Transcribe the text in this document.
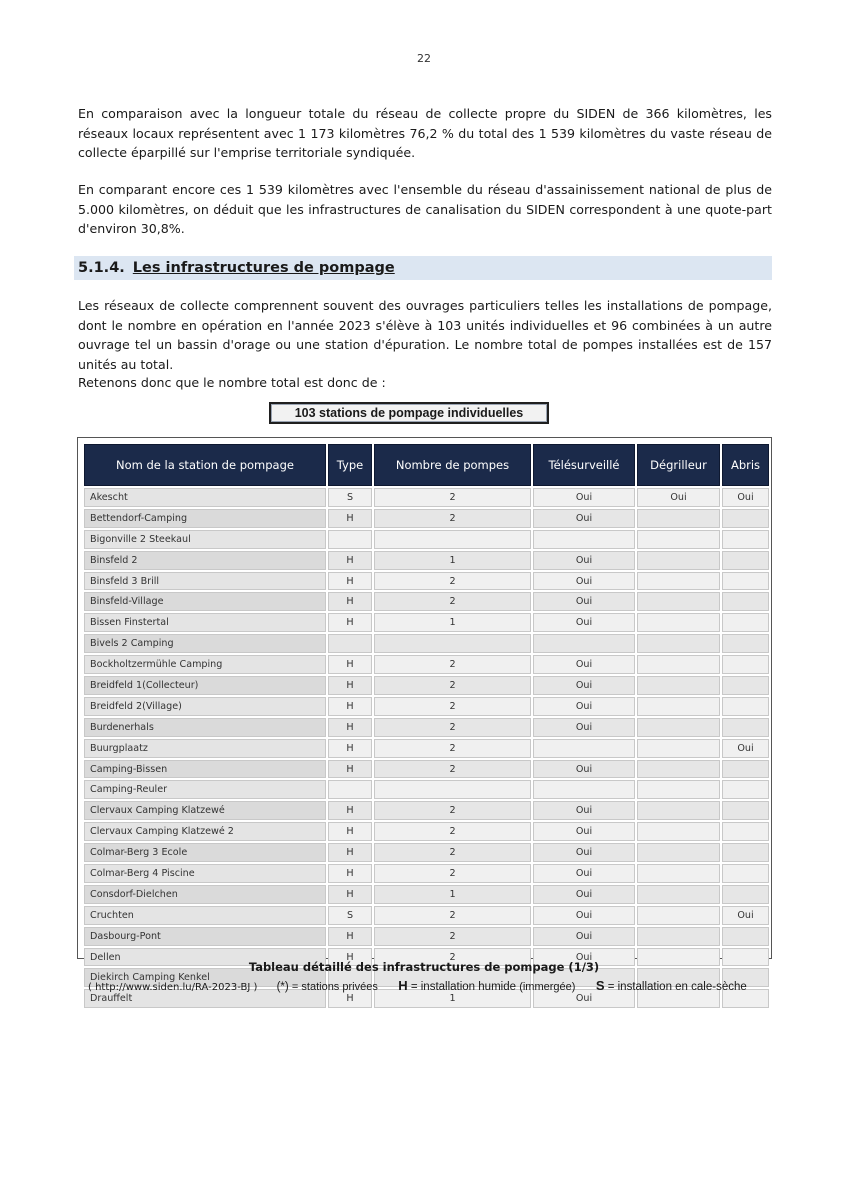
22

En comparaison avec la longueur totale du réseau de collecte propre du SIDEN de 366 kilomètres, les réseaux locaux représentent avec 1 173 kilomètres 76,2 % du total des 1 539 kilomètres du vaste réseau de collecte éparpillé sur l'emprise territoriale syndiquée.

En comparant encore ces 1 539 kilomètres avec l'ensemble du réseau d'assainissement national de plus de 5.000 kilomètres, on déduit que les infrastructures de canalisation du SIDEN correspondent à une quote-part d'environ 30,8%.

5.1.4. Les infrastructures de pompage

Les réseaux de collecte comprennent souvent des ouvrages particuliers telles les installations de pompage, dont le nombre en opération en l'année 2023 s'élève à 103 unités individuelles et 96 combinées à un autre ouvrage tel un bassin d'orage ou une station d'épuration. Le nombre total de pompes installées est de 157 unités au total.

Retenons donc que le nombre total est donc de :

103 stations de pompage individuelles
Nom de la station de pompage	Type	Nombre de pompes	Télésurveillé	Dégrilleur	Abris
Akescht	S	2	Oui	Oui	Oui
Bettendorf-Camping	H	2	Oui		
Bigonville 2 Steekaul					
Binsfeld 2	H	1	Oui		
Binsfeld 3 Brill	H	2	Oui		
Binsfeld-Village	H	2	Oui		
Bissen Finstertal	H	1	Oui		
Bivels 2 Camping					
Bockholtzermühle Camping	H	2	Oui		
Breidfeld 1(Collecteur)	H	2	Oui		
Breidfeld 2(Village)	H	2	Oui		
Burdenerhals	H	2	Oui		
Buurgplaatz	H	2			Oui
Camping-Bissen	H	2	Oui		
Camping-Reuler					
Clervaux Camping Klatzewé	H	2	Oui		
Clervaux Camping Klatzewé 2	H	2	Oui		
Colmar-Berg 3 Ecole	H	2	Oui		
Colmar-Berg 4 Piscine	H	2	Oui		
Consdorf-Dielchen	H	1	Oui		
Cruchten	S	2	Oui		Oui
Dasbourg-Pont	H	2	Oui		
Dellen	H	2	Oui		
Diekirch Camping Kenkel					
Drauffelt	H	1	Oui		
Tableau détaillé des infrastructures de pompage (1/3)
( http://www.siden.lu/RA-2023-BJ ) (*) = stations privées H = installation humide (immergée) S = installation en cale-sèche
